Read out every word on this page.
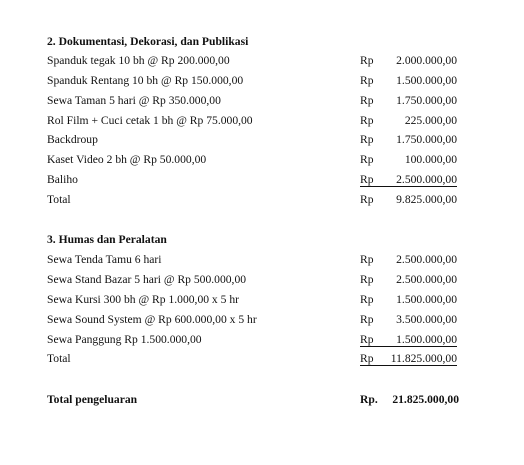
2. Dokumentasi, Dekorasi, dan Publikasi
Spanduk tegak 10 bh @ Rp 200.000,00	Rp 2.000.000,00
Spanduk Rentang 10 bh @ Rp 150.000,00	Rp 1.500.000,00
Sewa Taman 5 hari @ Rp 350.000,00	Rp 1.750.000,00
Rol Film + Cuci cetak 1 bh @ Rp 75.000,00	Rp	225.000,00
Backdroup	Rp 1.750.000,00
Kaset Video 2 bh @ Rp 50.000,00	Rp	100.000,00
Baliho	Rp 2.500.000,00
Total	Rp 9.825.000,00
3. Humas dan Peralatan
Sewa Tenda Tamu 6 hari	Rp 2.500.000,00
Sewa Stand Bazar 5 hari @ Rp 500.000,00	Rp 2.500.000,00
Sewa Kursi 300 bh @ Rp 1.000,00 x 5 hr	Rp 1.500.000,00
Sewa Sound System @ Rp 600.000,00 x 5 hr	Rp 3.500.000,00
Sewa Panggung Rp 1.500.000,00	Rp 1.500.000,00
Total	Rp 11.825.000,00
Total pengeluaran	Rp. 21.825.000,00
